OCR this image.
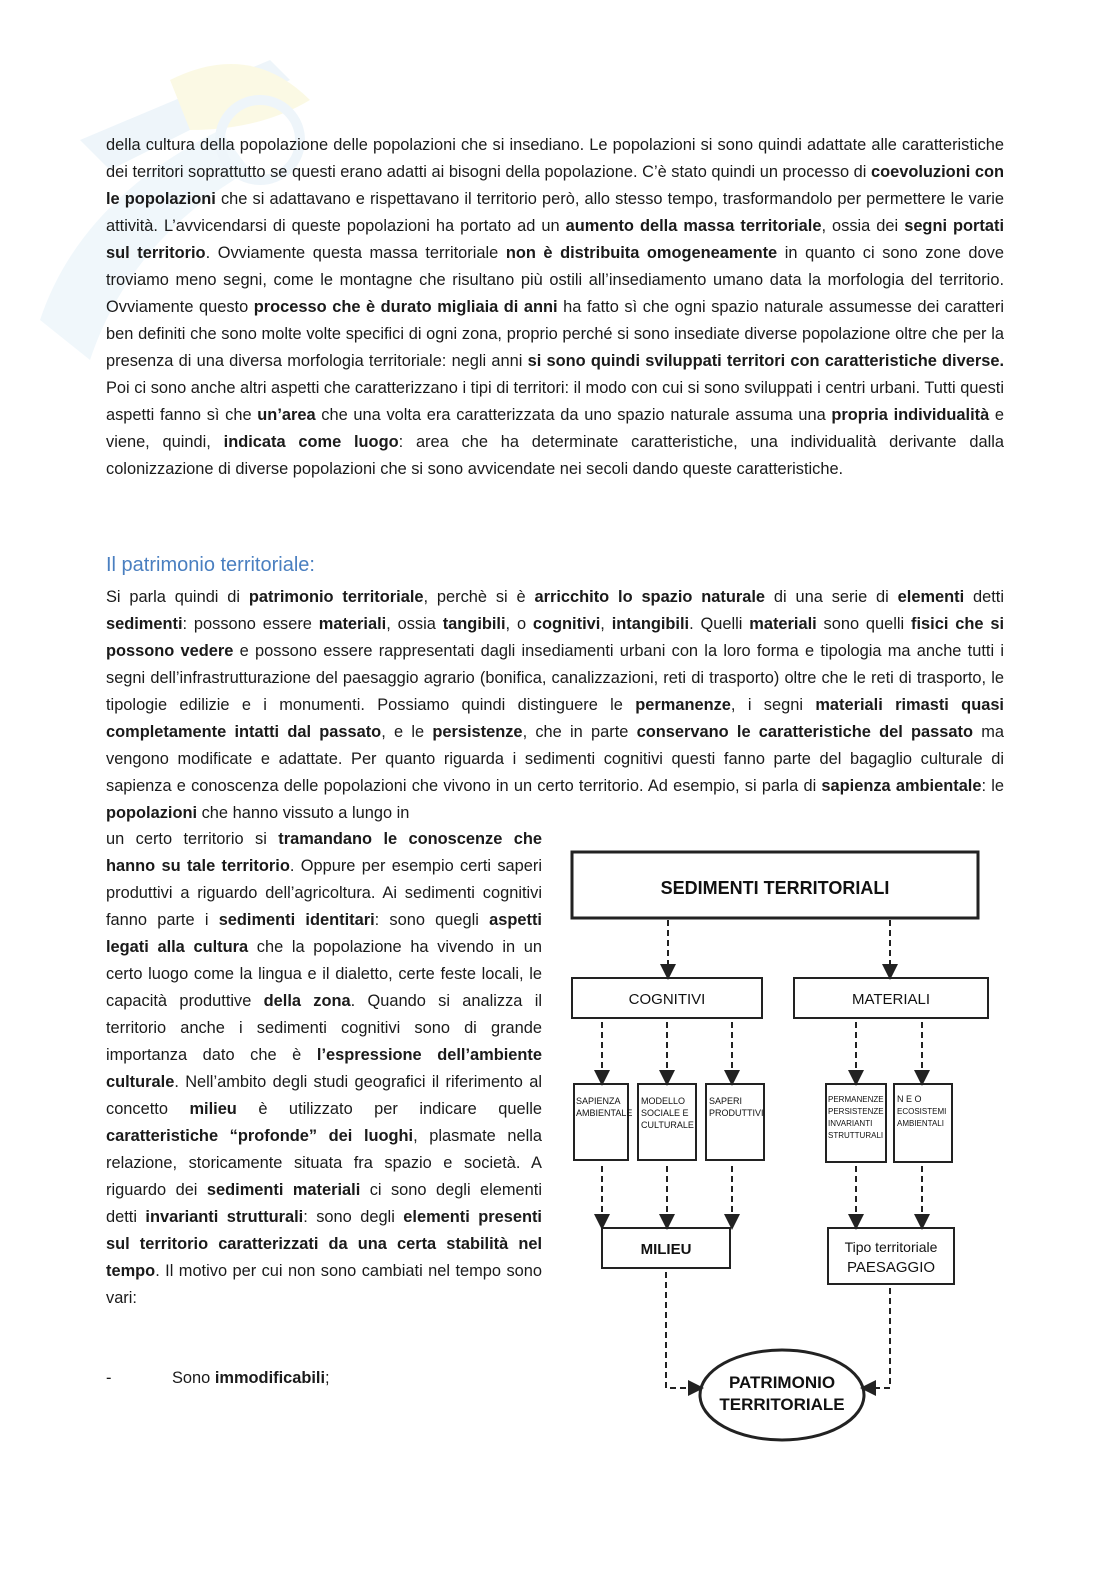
della cultura della popolazione delle popolazioni che si insediano. Le popolazioni si sono quindi adattate alle caratteristiche dei territori soprattutto se questi erano adatti ai bisogni della popolazione. C’è stato quindi un processo di coevoluzioni con le popolazioni che si adattavano e rispettavano il territorio però, allo stesso tempo, trasformandolo per permettere le varie attività. L’avvicendarsi di queste popolazioni ha portato ad un aumento della massa territoriale, ossia dei segni portati sul territorio. Ovviamente questa massa territoriale non è distribuita omogeneamente in quanto ci sono zone dove troviamo meno segni, come le montagne che risultano più ostili all’insediamento umano data la morfologia del territorio. Ovviamente questo processo che è durato migliaia di anni ha fatto sì che ogni spazio naturale assumesse dei caratteri ben definiti che sono molte volte specifici di ogni zona, proprio perché si sono insediate diverse popolazione oltre che per la presenza di una diversa morfologia territoriale: negli anni si sono quindi sviluppati territori con caratteristiche diverse. Poi ci sono anche altri aspetti che caratterizzano i tipi di territori: il modo con cui si sono sviluppati i centri urbani. Tutti questi aspetti fanno sì che un’area che una volta era caratterizzata da uno spazio naturale assuma una propria individualità e viene, quindi, indicata come luogo: area che ha determinate caratteristiche, una individualità derivante dalla colonizzazione di diverse popolazioni che si sono avvicendate nei secoli dando queste caratteristiche.

Il patrimonio territoriale:

Si parla quindi di patrimonio territoriale, perchè si è arricchito lo spazio naturale di una serie di elementi detti sedimenti: possono essere materiali, ossia tangibili, o cognitivi, intangibili. Quelli materiali sono quelli fisici che si possono vedere e possono essere rappresentati dagli insediamenti urbani con la loro forma e tipologia ma anche tutti i segni dell’infrastrutturazione del paesaggio agrario (bonifica, canalizzazioni, reti di trasporto) oltre che le reti di trasporto, le tipologie edilizie e i monumenti. Possiamo quindi distinguere le permanenze, i segni materiali rimasti quasi completamente intatti dal passato, e le persistenze, che in parte conservano le caratteristiche del passato ma vengono modificate e adattate. Per quanto riguarda i sedimenti cognitivi questi fanno parte del bagaglio culturale di sapienza e conoscenza delle popolazioni che vivono in un certo territorio. Ad esempio, si parla di sapienza ambientale: le popolazioni che hanno vissuto a lungo in

un certo territorio si tramandano le conoscenze che hanno su tale territorio. Oppure per esempio certi saperi produttivi a riguardo dell’agricoltura. Ai sedimenti cognitivi fanno parte i sedimenti identitari: sono quegli aspetti legati alla cultura che la popolazione ha vivendo in un certo luogo come la lingua e il dialetto, certe feste locali, le capacità produttive della zona. Quando si analizza il territorio anche i sedimenti cognitivi sono di grande importanza dato che è l’espressione dell’ambiente culturale. Nell’ambito degli studi geografici il riferimento al concetto milieu è utilizzato per indicare quelle caratteristiche “profonde” dei luoghi, plasmate nella relazione, storicamente situata fra spazio e società. A riguardo dei sedimenti materiali ci sono degli elementi detti invarianti strutturali: sono degli elementi presenti sul territorio caratterizzati da una certa stabilità nel tempo. Il motivo per cui non sono cambiati nel tempo sono vari:

-	Sono immodificabili;

SEDIMENTI TERRITORIALI
COGNITIVI	MATERIALI
SAPIENZA
AMBIENTALE
MODELLO
SOCIALE E
CULTURALE
SAPERI
PRODUTTIVI
PERMANENZE
PERSISTENZE
INVARIANTI
STRUTTURALI
N E O
ECOSISTEMI
AMBIENTALI
MILIEU	Tipo territoriale
PAESAGGIO
PATRIMONIO
TERRITORIALE
